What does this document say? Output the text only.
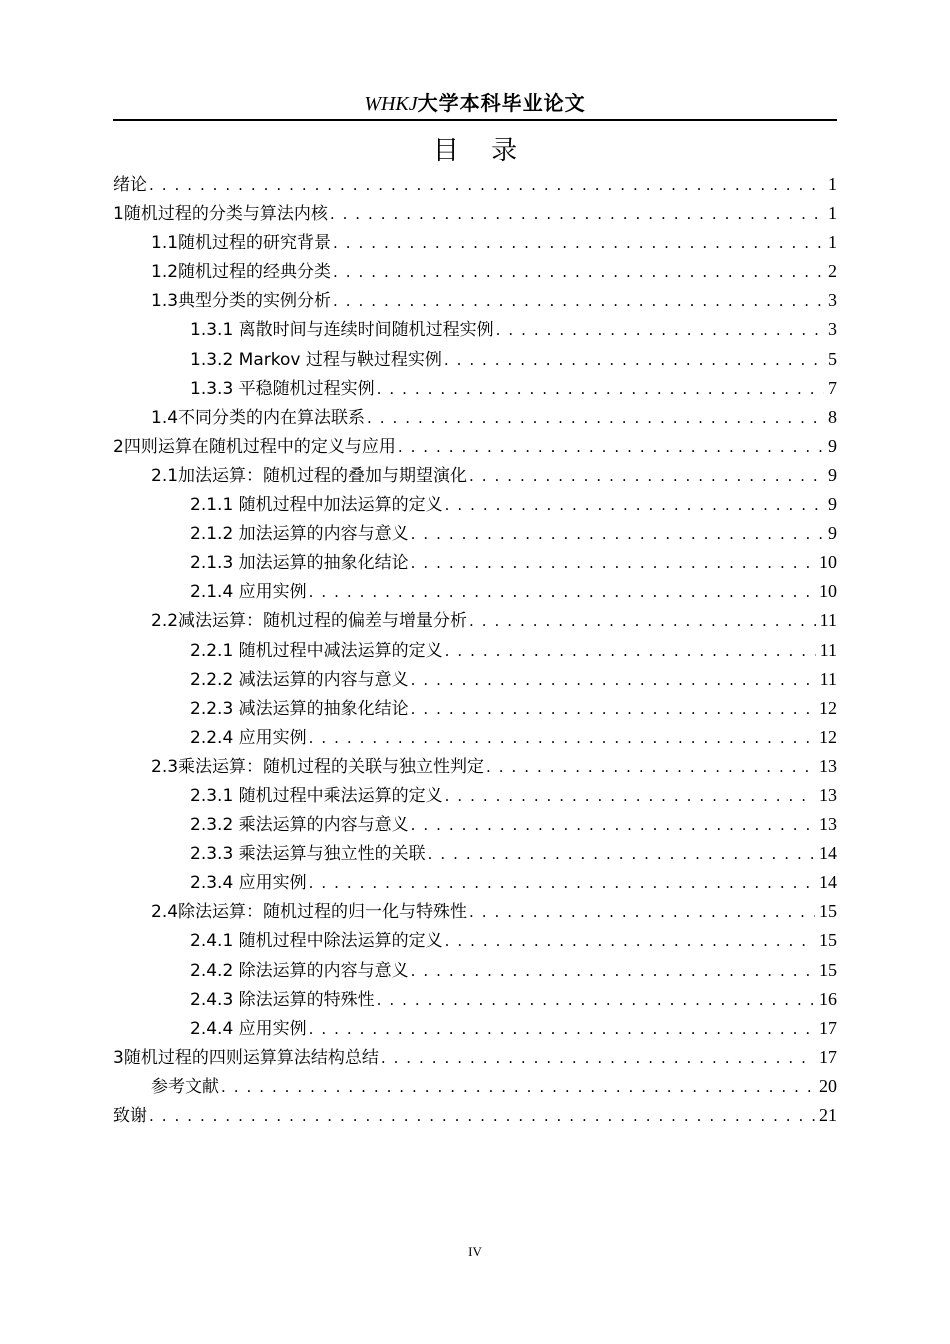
WHKJ大学本科毕业论文
目 录
绪论 . . .	1
1随机过程的分类与算法内核 . . .	1
1.1随机过程的研究背景 . . .	1
1.2随机过程的经典分类 . . .	2
1.3典型分类的实例分析 . . .	3
1.3.1 离散时间与连续时间随机过程实例 . . .	3
1.3.2 Markov 过程与鞅过程实例 . . .	5
1.3.3 平稳随机过程实例 . . .	7
1.4不同分类的内在算法联系 . . .	8
2四则运算在随机过程中的定义与应用 . . .	9
2.1加法运算：随机过程的叠加与期望演化 . . .	9
2.1.1 随机过程中加法运算的定义 . . .	9
2.1.2 加法运算的内容与意义 . . .	9
2.1.3 加法运算的抽象化结论 . . .	10
2.1.4 应用实例 . . .	10
2.2减法运算：随机过程的偏差与增量分析 . . .	11
2.2.1 随机过程中减法运算的定义 . . .	11
2.2.2 减法运算的内容与意义 . . .	11
2.2.3 减法运算的抽象化结论 . . .	12
2.2.4 应用实例 . . .	12
2.3乘法运算：随机过程的关联与独立性判定 . . .	13
2.3.1 随机过程中乘法运算的定义 . . .	13
2.3.2 乘法运算的内容与意义 . . .	13
2.3.3 乘法运算与独立性的关联 . . .	14
2.3.4 应用实例 . . .	14
2.4除法运算：随机过程的归一化与特殊性 . . .	15
2.4.1 随机过程中除法运算的定义 . . .	15
2.4.2 除法运算的内容与意义 . . .	15
2.4.3 除法运算的特殊性 . . .	16
2.4.4 应用实例 . . .	17
3随机过程的四则运算算法结构总结 . . .	17
参考文献 . . .	20
致谢 . . .	21
IV
